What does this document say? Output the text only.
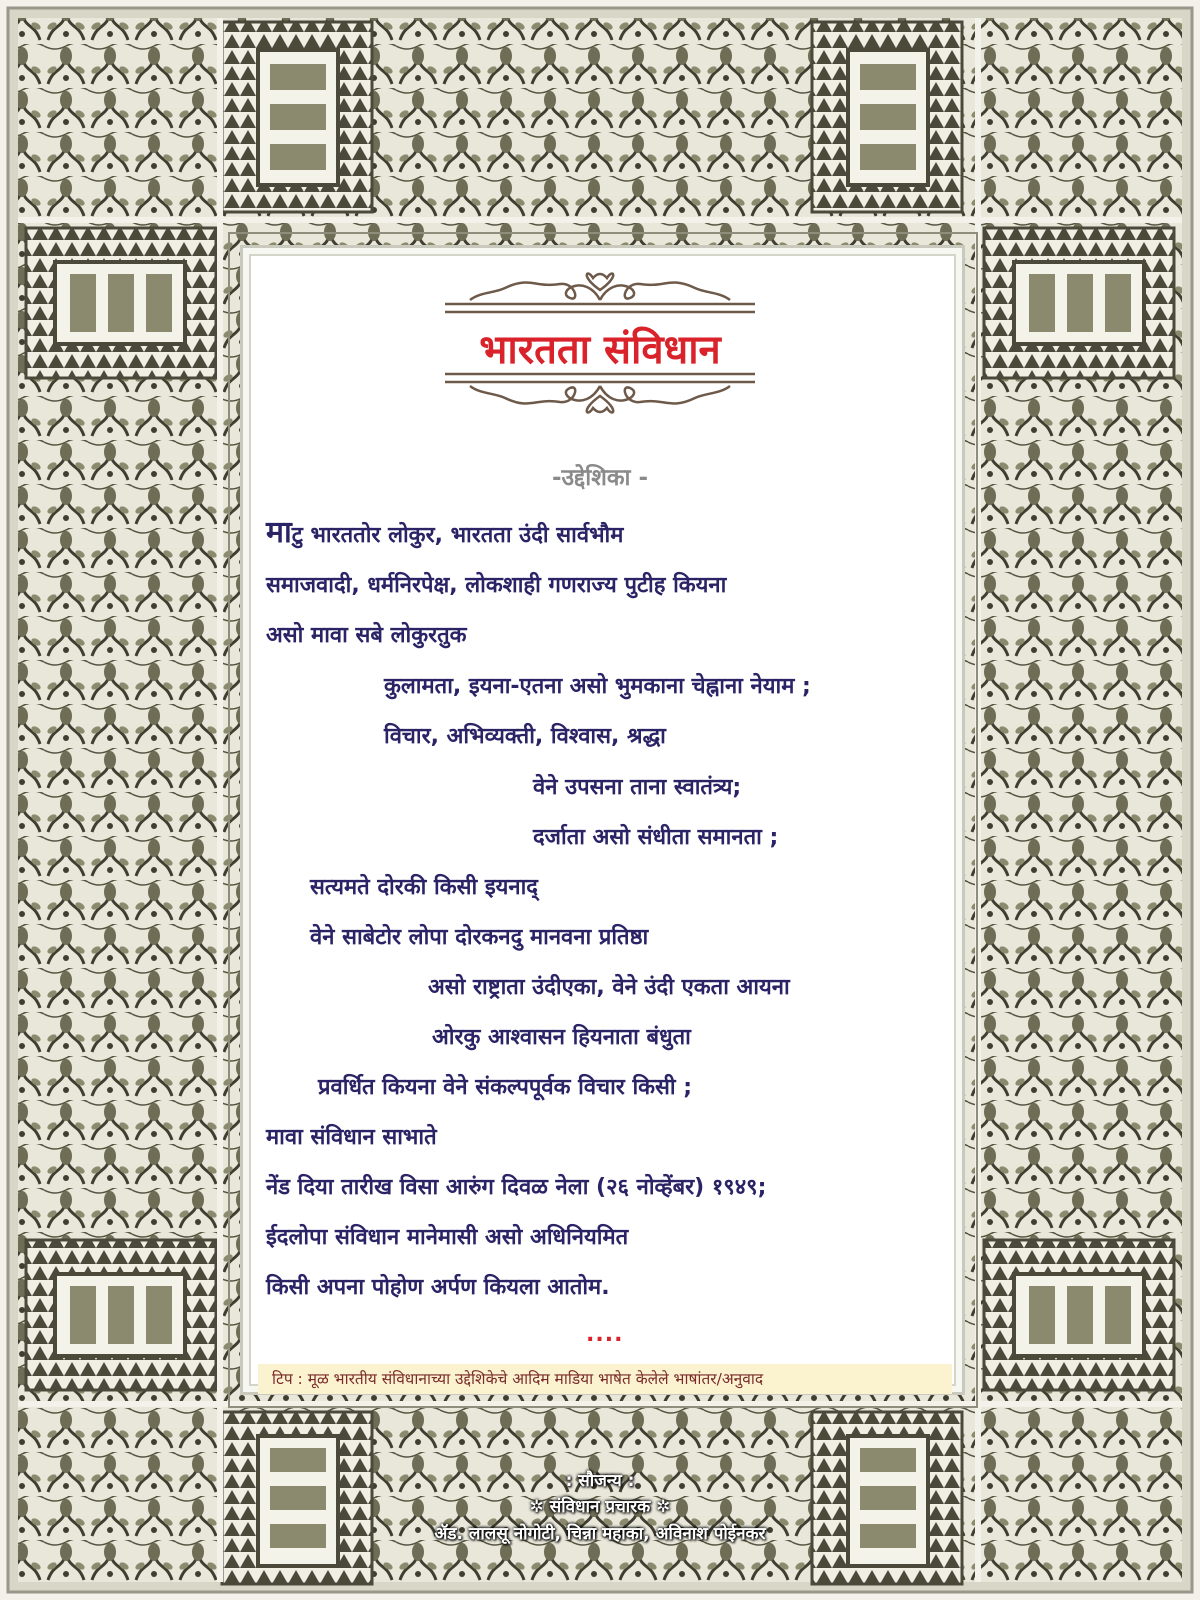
भारतता संविधान
-उद्देशिका -
माटु भारततोर लोकुर, भारतता उंदी सार्वभौम
समाजवादी, धर्मनिरपेक्ष, लोकशाही गणराज्य पुटीह कियना
असो मावा सबे लोकुरतुक
कुलामता, इयना-एतना असो भुमकाना चेह्नाना नेयाम ;
विचार, अभिव्यक्ती, विश्वास, श्रद्धा
वेने उपसना ताना स्वातंत्र्य;
दर्जाता असो संधीता समानता ;
सत्यमते दोरकी किसी इयनाद्
वेने साबेटोर लोपा दोरकनदु मानवना प्रतिष्ठा
असो राष्ट्राता उंदीएका, वेने उंदी एकता आयना
ओरकु आश्वासन हियनाता बंधुता
प्रवर्धित कियना वेने संकल्पपूर्वक विचार किसी ;
मावा संविधान साभाते
नेंड दिया तारीख विसा आरुंग दिवळ नेला (२६ नोव्हेंबर) १९४९;
ईदलोपा संविधान मानेमासी असो अधिनियमित
किसी अपना पोहोण अर्पण कियला आतोम.
....
टिप : मूळ भारतीय संविधानाच्या उद्देशिकेचे आदिम माडिया भाषेत केलेले भाषांतर/अनुवाद
: सौजन्य :
✲ संविधान प्रचारक ✲
ॲड. लालसू नोगोटी, चिन्ना महाका, अविनाश पोईनकर
